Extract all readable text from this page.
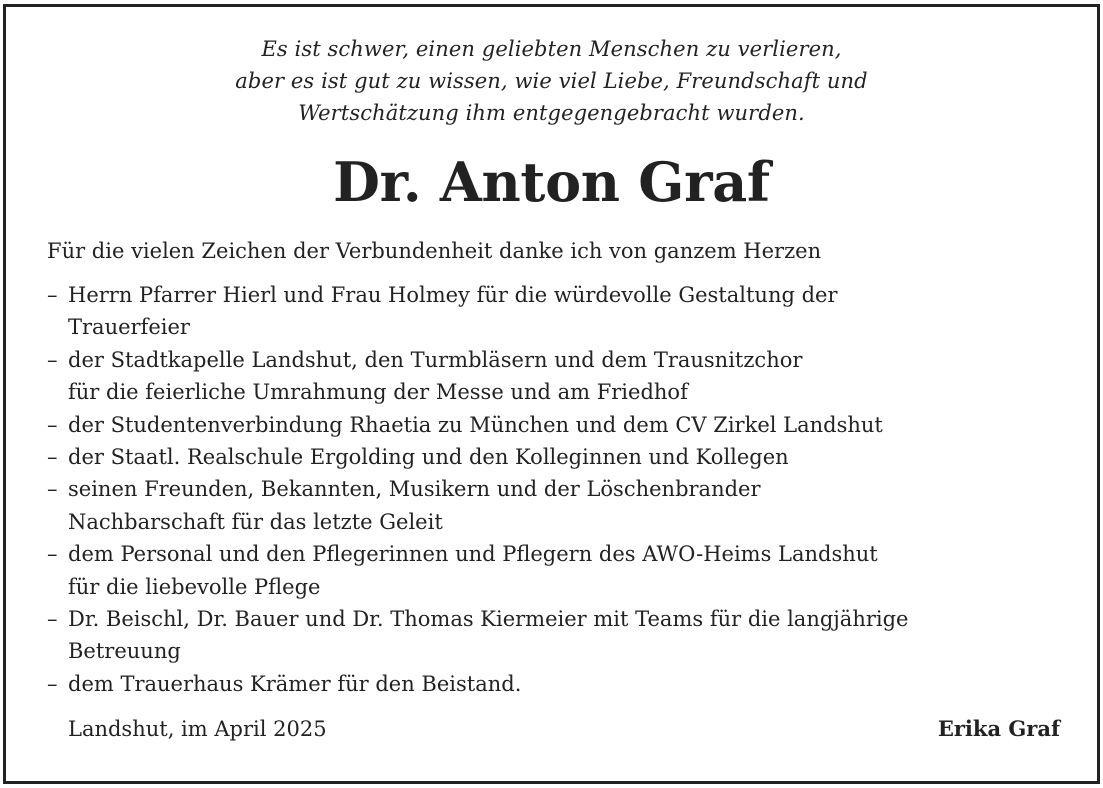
Es ist schwer, einen geliebten Menschen zu verlieren,
aber es ist gut zu wissen, wie viel Liebe, Freundschaft und
Wertschätzung ihm entgegengebracht wurden.
Dr. Anton Graf
Für die vielen Zeichen der Verbundenheit danke ich von ganzem Herzen
– Herrn Pfarrer Hierl und Frau Holmey für die würdevolle Gestaltung der
Trauerfeier
– der Stadtkapelle Landshut, den Turmbläsern und dem Trausnitzchor
für die feierliche Umrahmung der Messe und am Friedhof
– der Studentenverbindung Rhaetia zu München und dem CV Zirkel Landshut
– der Staatl. Realschule Ergolding und den Kolleginnen und Kollegen
– seinen Freunden, Bekannten, Musikern und der Löschenbrander
Nachbarschaft für das letzte Geleit
– dem Personal und den Pflegerinnen und Pflegern des AWO-Heims Landshut
für die liebevolle Pflege
– Dr. Beischl, Dr. Bauer und Dr. Thomas Kiermeier mit Teams für die langjährige
Betreuung
– dem Trauerhaus Krämer für den Beistand.
Landshut, im April 2025	Erika Graf
